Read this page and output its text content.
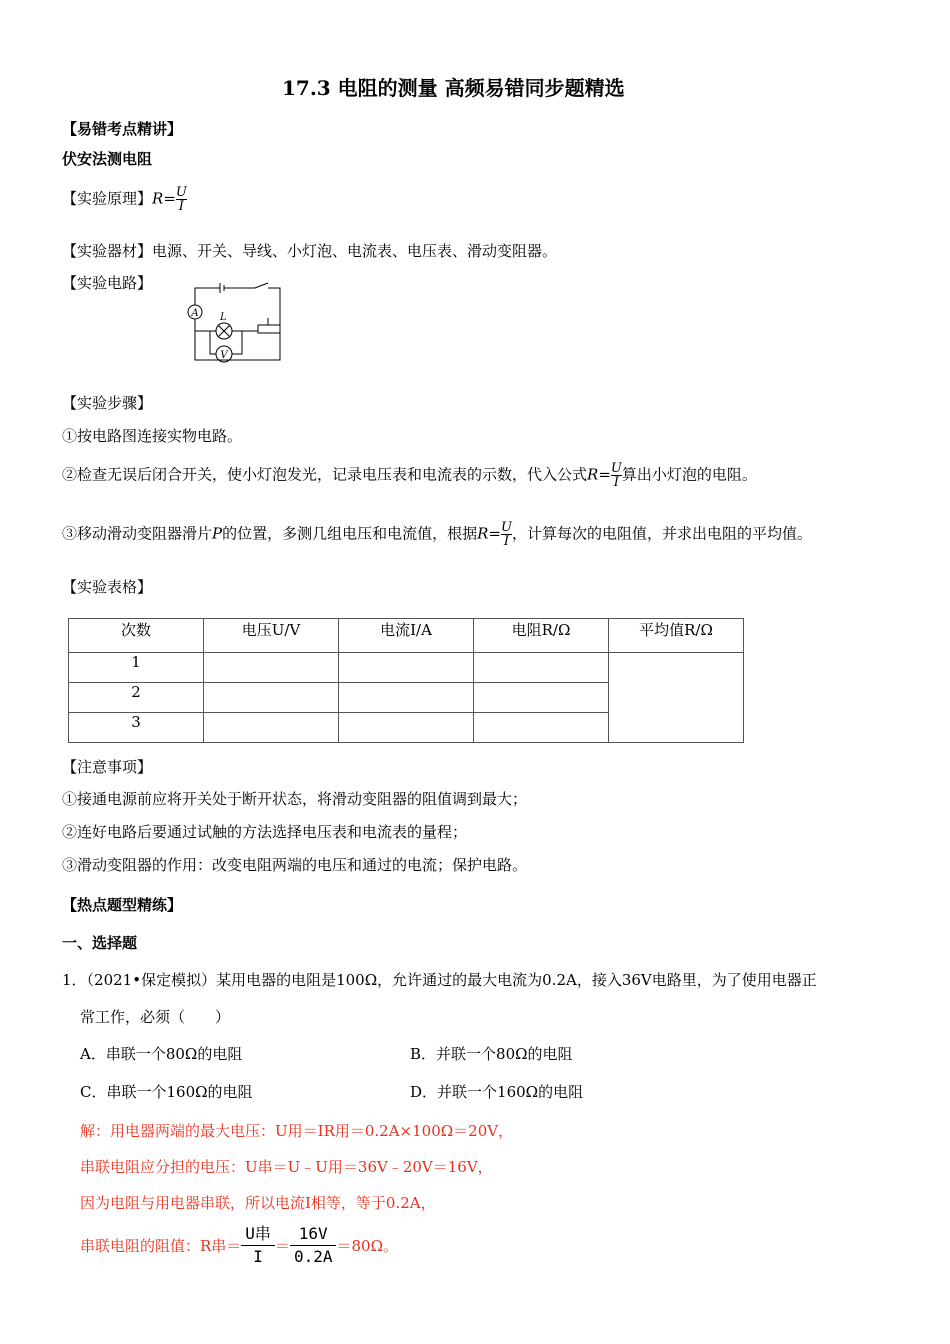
17.3 电阻的测量 高频易错同步题精选
【易错考点精讲】
伏安法测电阻
【实验原理】$R= \frac{U}{I}$
【实验器材】电源、开关、导线、小灯泡、电流表、电压表、滑动变阻器。
【实验电路】
A
V
L
【实验步骤】
①按电路图连接实物电路。
②检查无误后闭合开关，使小灯泡发光，记录电压表和电流表的示数，代入公式$R= \frac{U}{I}$ 算出小灯泡的电阻。
③移动滑动变阻器滑片P的位置，多测几组电压和电流值，根据$R= \frac{U}{I}$ ，计算每次的电阻值，并求出电阻的平均值。
【实验表格】
次数	电压U/V	电流I/A	电阻R/Ω	平均值R/Ω
1				
2				
3				
【注意事项】
①接通电源前应将开关处于断开状态，将滑动变阻器的阻值调到最大；
②连好电路后要通过试触的方法选择电压表和电流表的量程；
③滑动变阻器的作用：改变电阻两端的电压和通过的电流；保护电路。
【热点题型精练】
一、选择题
1．（2021•保定模拟）某用电器的电阻是100Ω，允许通过的最大电流为0.2A，接入36V电路里，为了使用电器正
常工作，必须（　　）
A．串联一个80Ω的电阻	B．并联一个80Ω的电阻
C．串联一个160Ω的电阻	D．并联一个160Ω的电阻
解：用电器两端的最大电压：U用＝IR用＝0.2A×100Ω＝20V，
串联电阻应分担的电压：U串＝U﹣U用＝36V﹣20V＝16V，
因为电阻与用电器串联，所以电流I相等，等于0.2A，
串联电阻的阻值：R串＝ $\frac{\text{U串}}{I} = \frac{16V}{0.2A} =80\Omega$。
